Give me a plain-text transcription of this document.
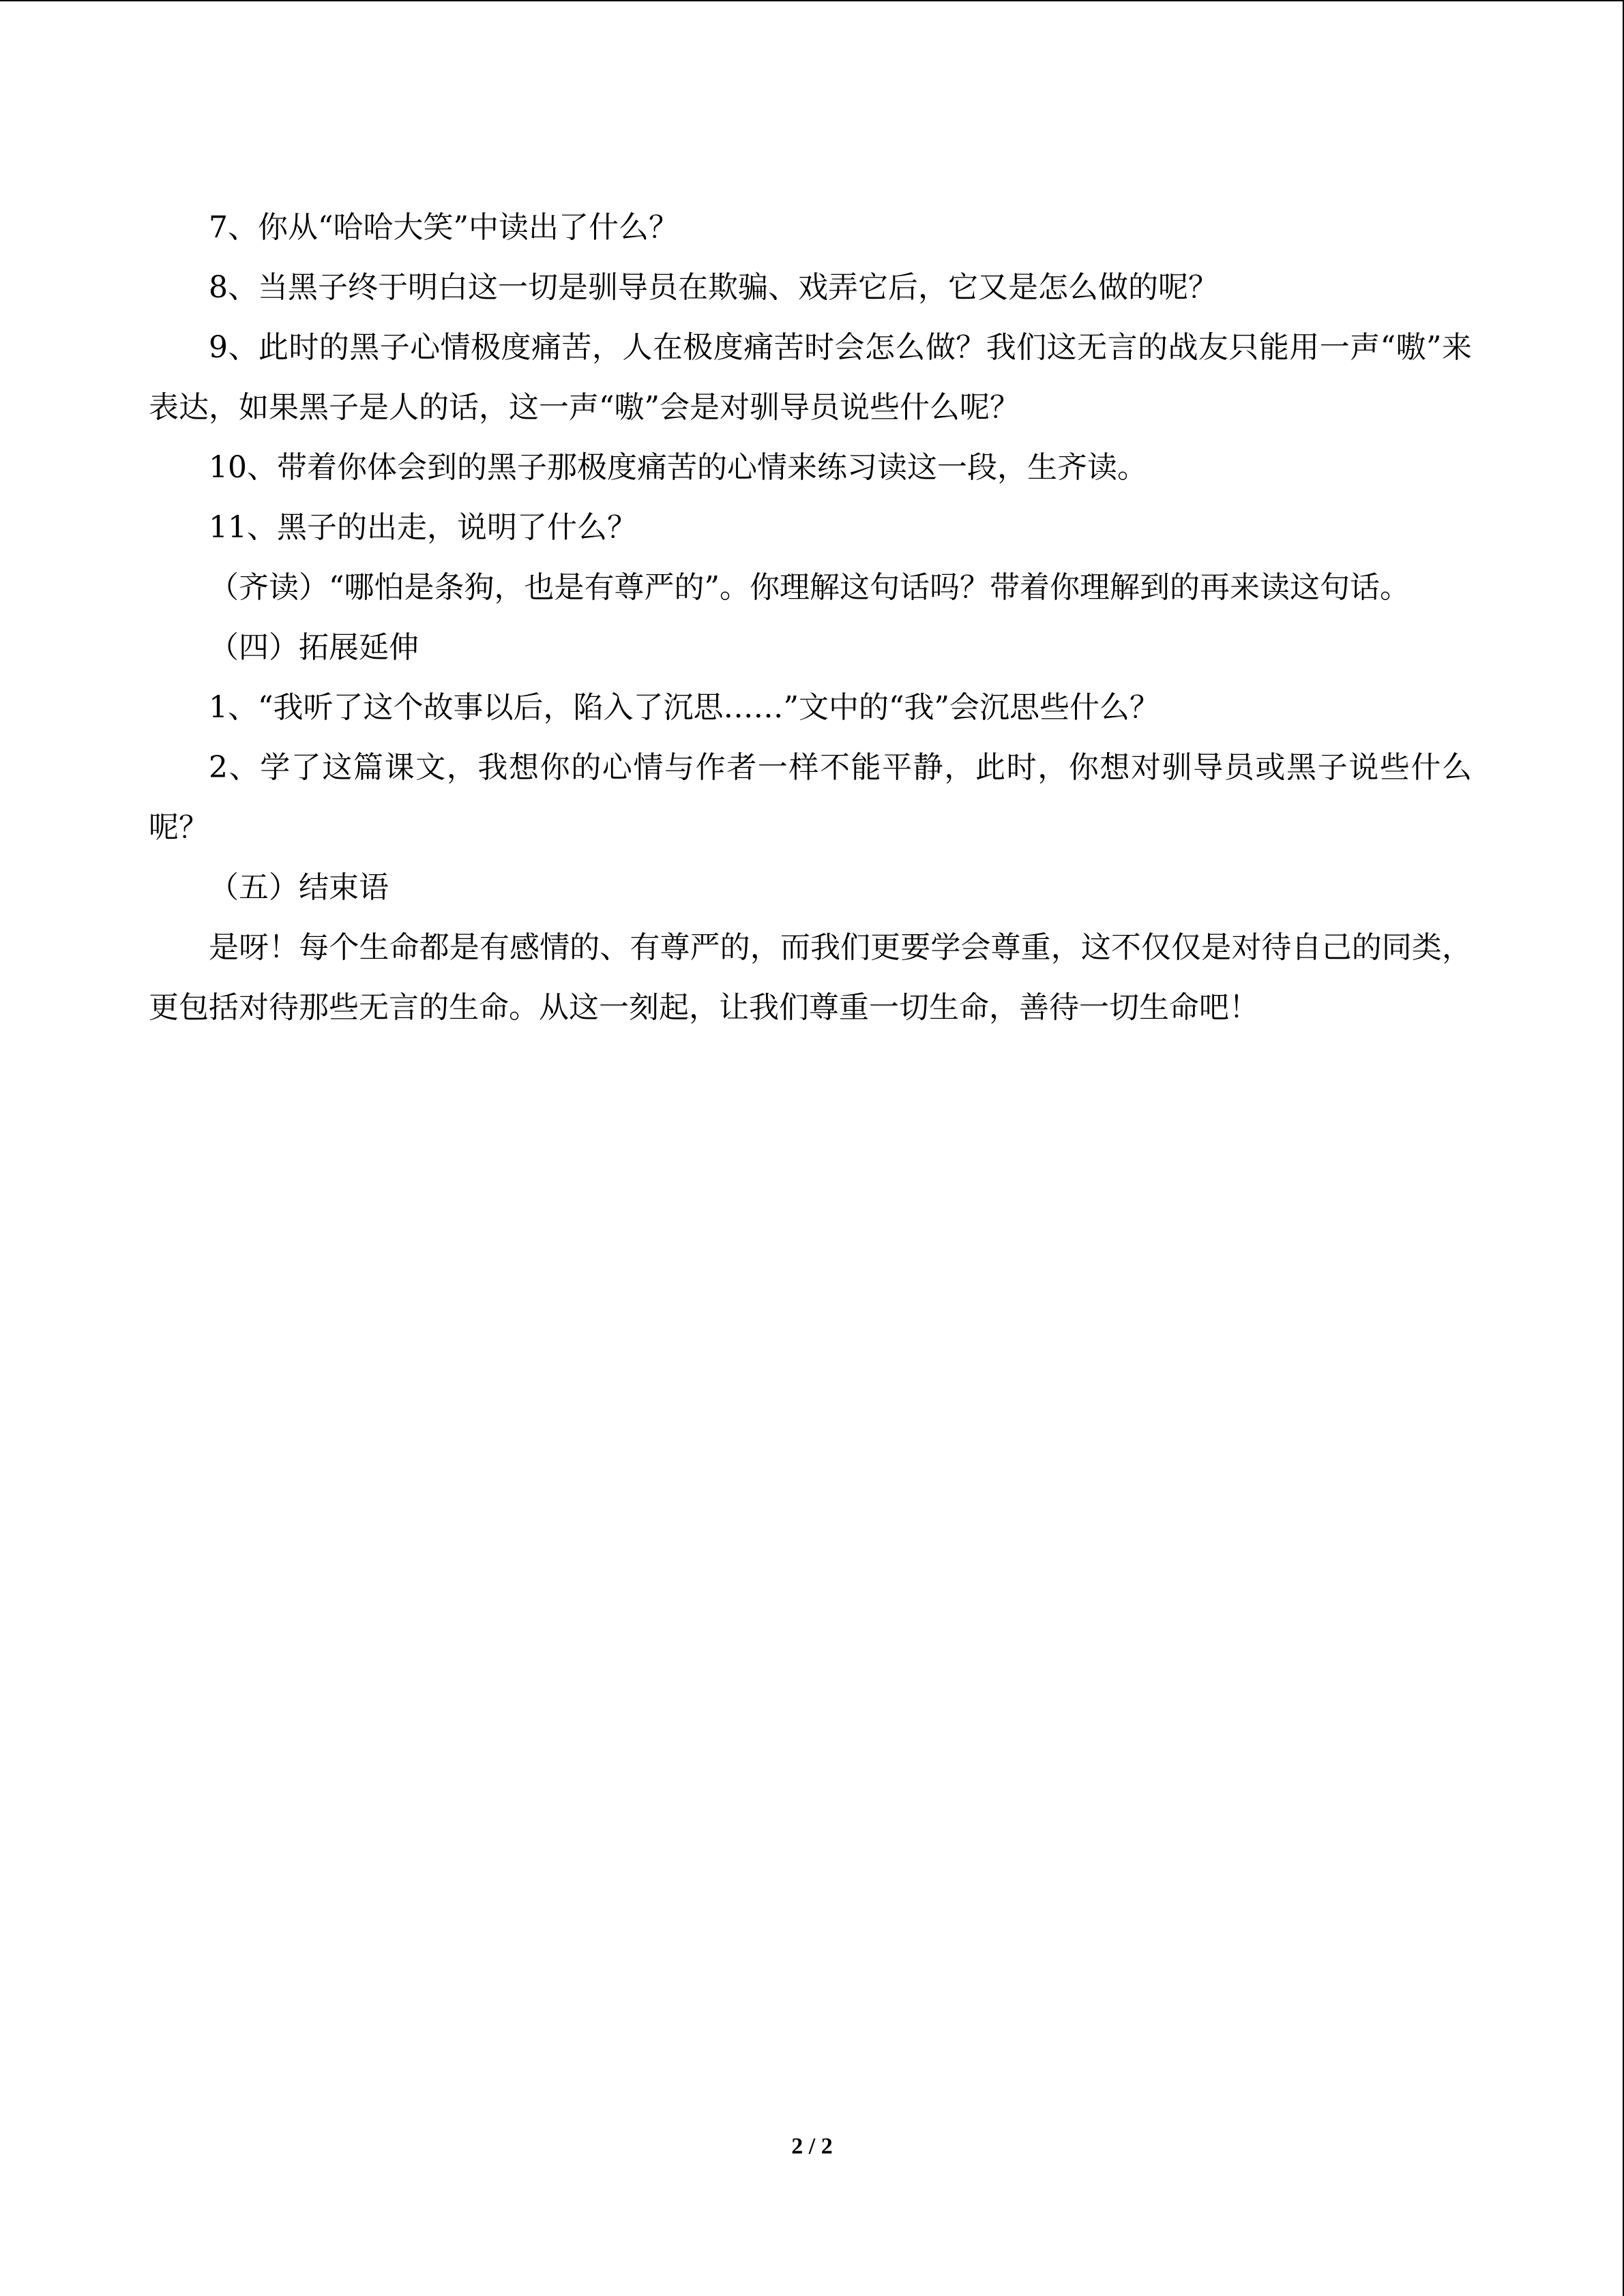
7、你从“哈哈大笑”中读出了什么？

8、当黑子终于明白这一切是驯导员在欺骗、戏弄它后，它又是怎么做的呢？

9、此时的黑子心情极度痛苦，人在极度痛苦时会怎么做？我们这无言的战友只能用一声“嗷”来表达，如果黑子是人的话，这一声“嗷”会是对驯导员说些什么呢？

10、带着你体会到的黑子那极度痛苦的心情来练习读这一段，生齐读。

11、黑子的出走，说明了什么？

（齐读）“哪怕是条狗，也是有尊严的”。你理解这句话吗？带着你理解到的再来读这句话。

（四）拓展延伸

1、“我听了这个故事以后，陷入了沉思……”文中的“我”会沉思些什么？

2、学了这篇课文，我想你的心情与作者一样不能平静，此时，你想对驯导员或黑子说些什么呢？

（五）结束语

是呀！每个生命都是有感情的、有尊严的，而我们更要学会尊重，这不仅仅是对待自己的同类，更包括对待那些无言的生命。从这一刻起，让我们尊重一切生命，善待一切生命吧！

2 / 2
